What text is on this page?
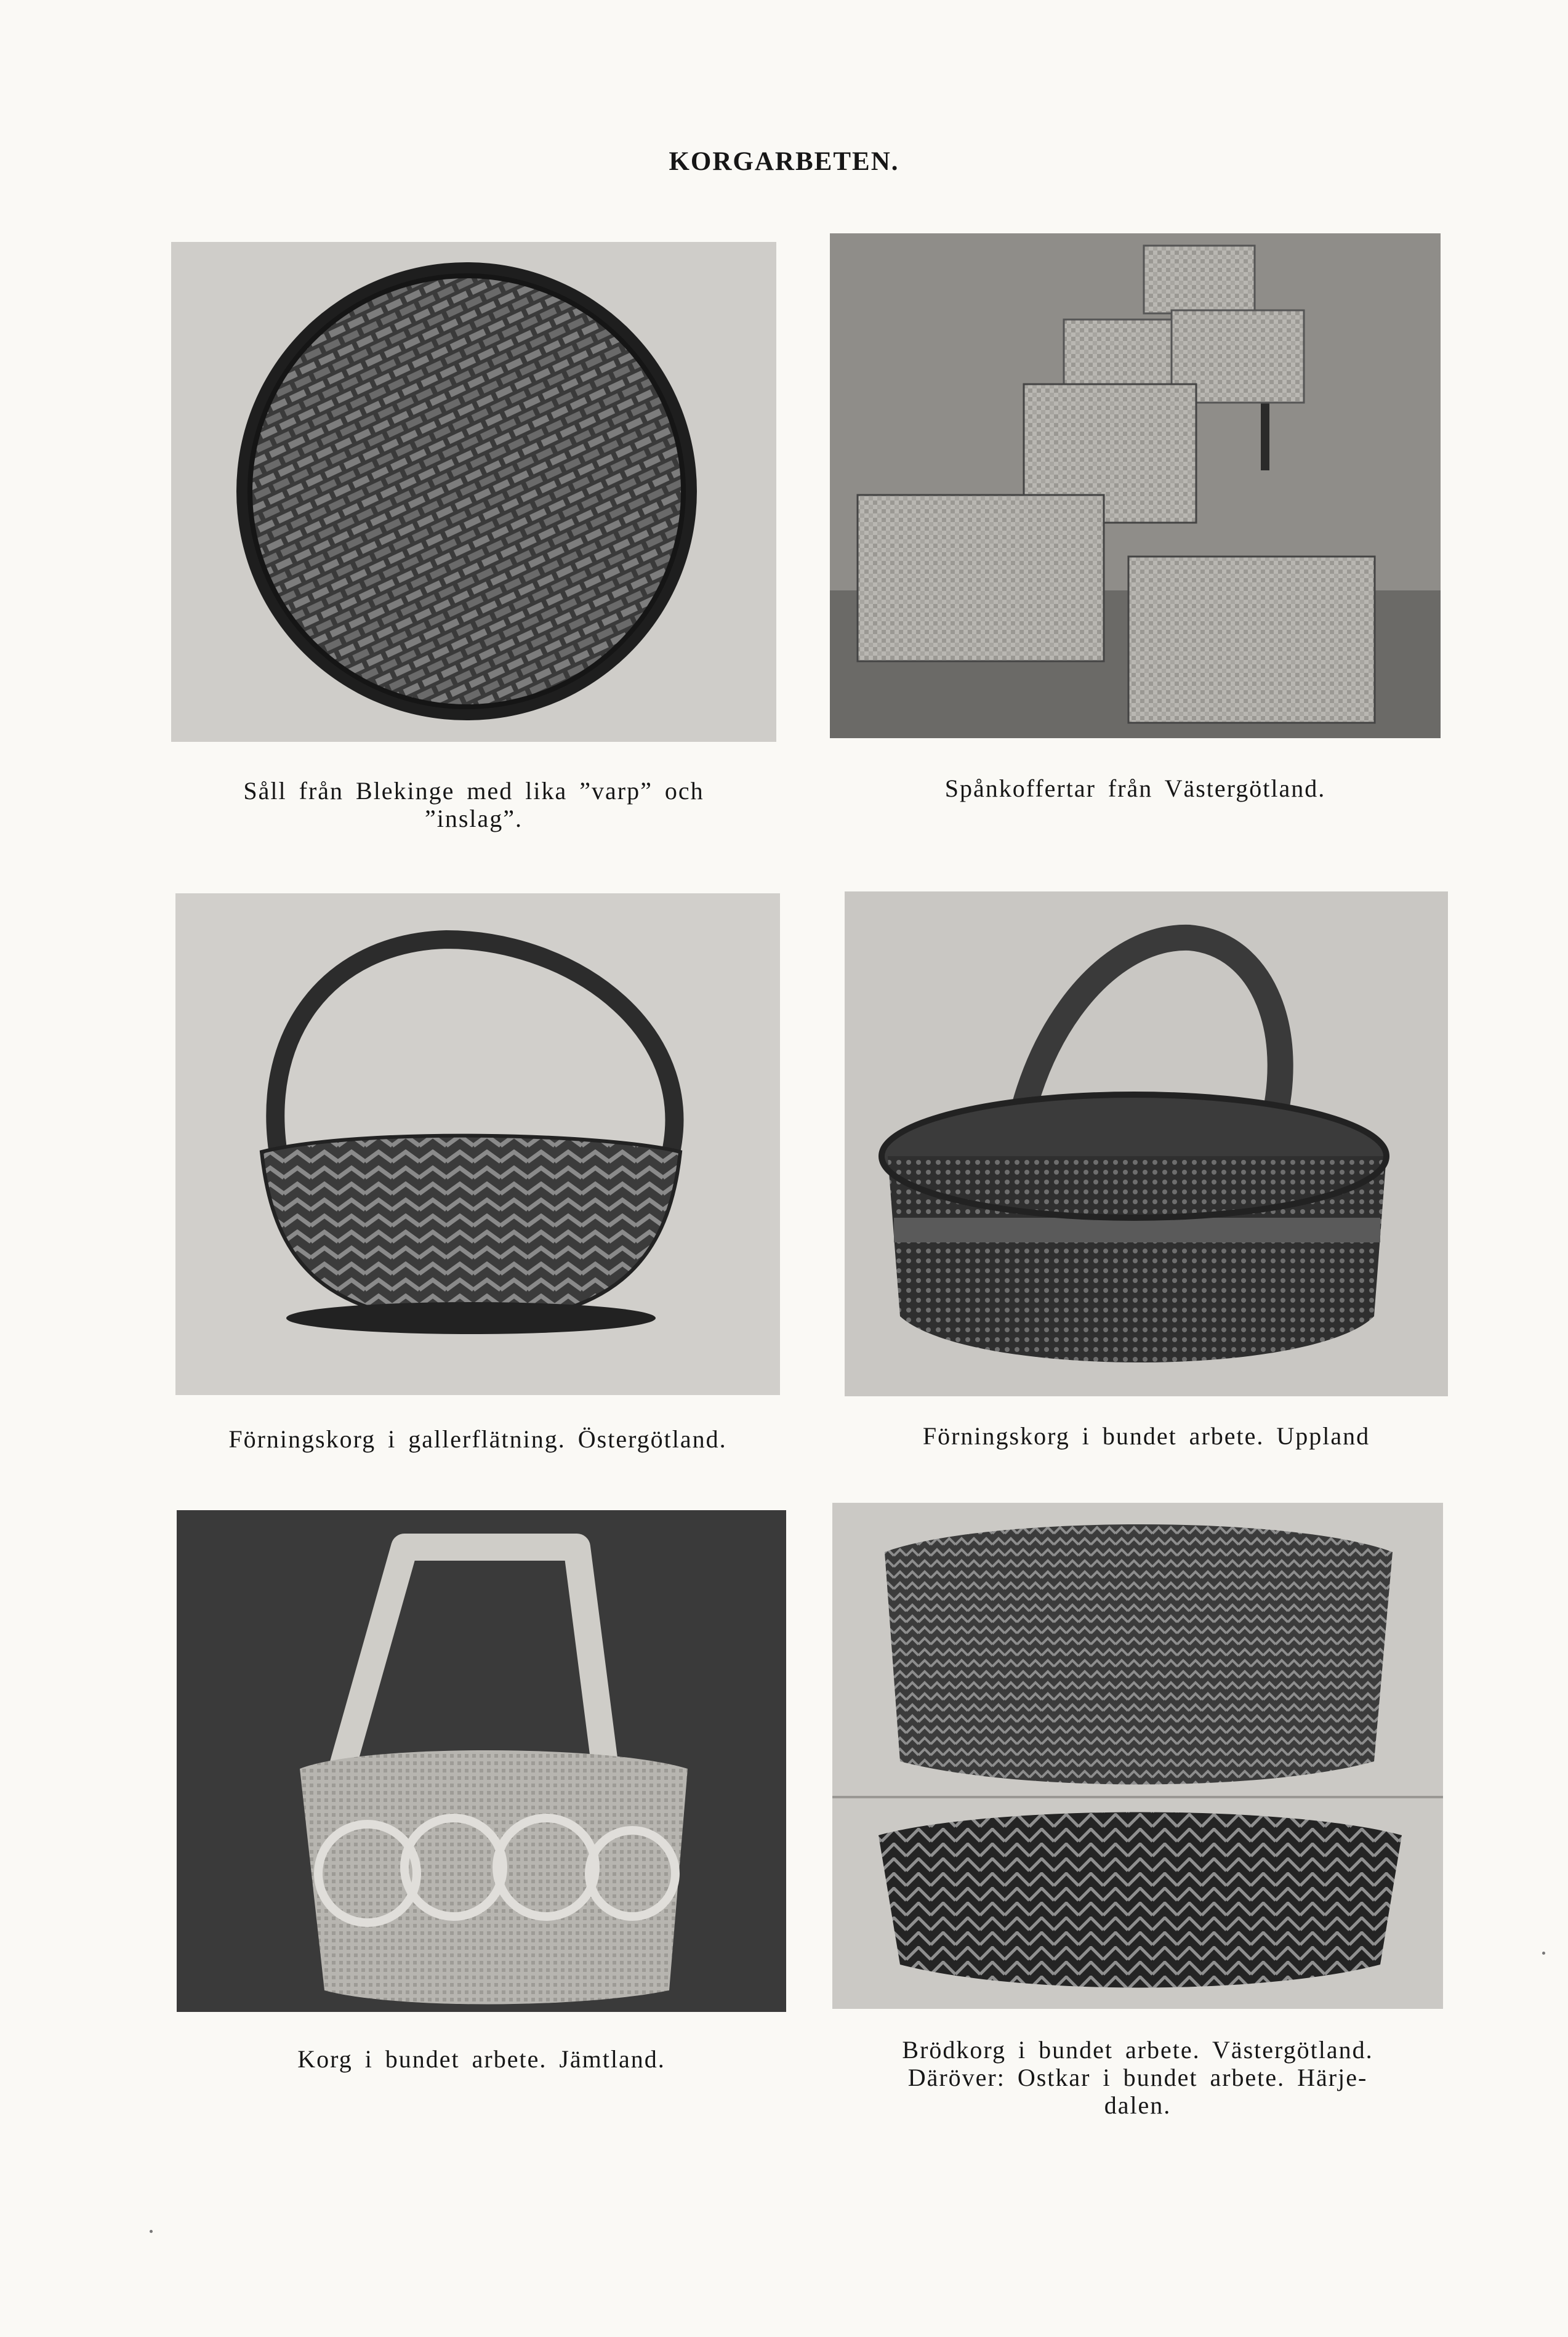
KORGARBETEN.
Såll från Blekinge med lika ”varp” och
”inslag”.
Spånkoffertar från Västergötland.
Förningskorg i gallerflätning. Östergötland.	Förningskorg i bundet arbete. Uppland
Korg i bundet arbete. Jämtland.	Brödkorg i bundet arbete. Västergötland.
Däröver: Ostkar i bundet arbete. Härje-
dalen.
